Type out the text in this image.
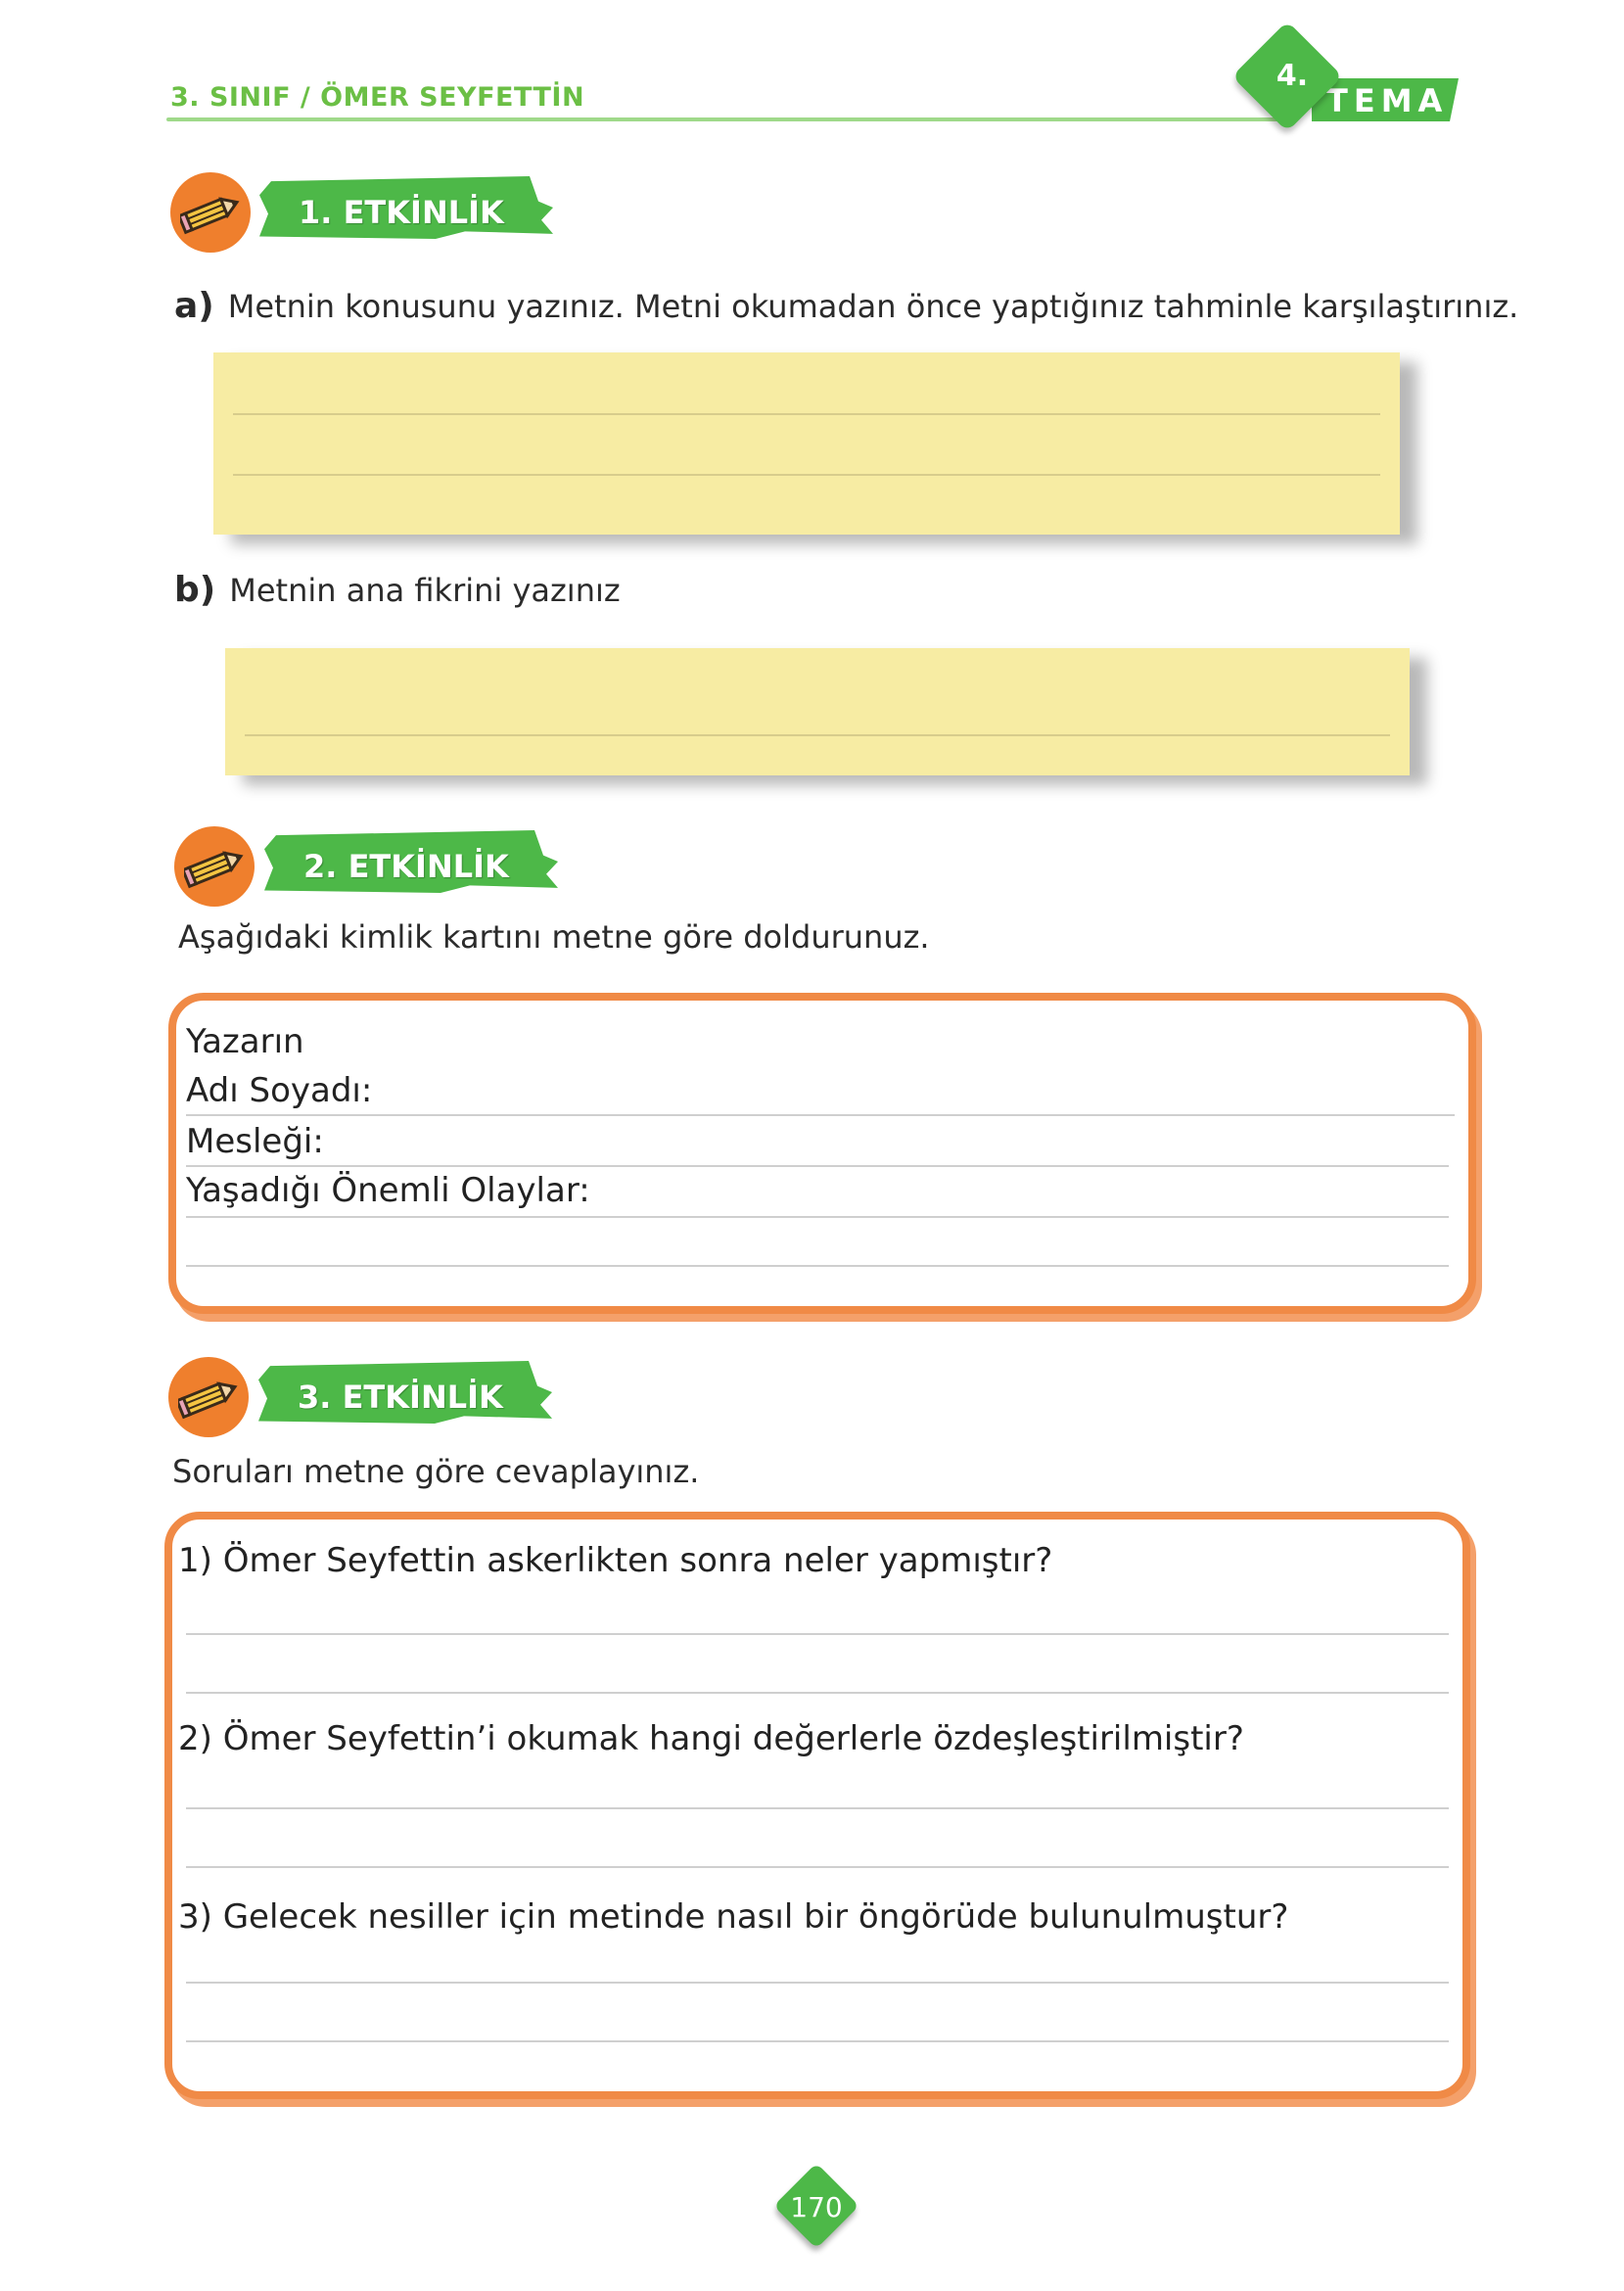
3. SINIF / ÖMER SEYFETTİN	TEMA
4.
1. ETKİNLİK
a) Metnin konusunu yazınız. Metni okumadan önce yaptığınız tahminle karşılaştırınız.
b) Metnin ana fikrini yazınız
2. ETKİNLİK
Aşağıdaki kimlik kartını metne göre doldurunuz.
Yazarın
Adı Soyadı:
Mesleği:
Yaşadığı Önemli Olaylar:
3. ETKİNLİK
Soruları metne göre cevaplayınız.
1) Ömer Seyfettin askerlikten sonra neler yapmıştır?
2) Ömer Seyfettin’i okumak hangi değerlerle özdeşleştirilmiştir?
3) Gelecek nesiller için metinde nasıl bir öngörüde bulunulmuştur?
170
